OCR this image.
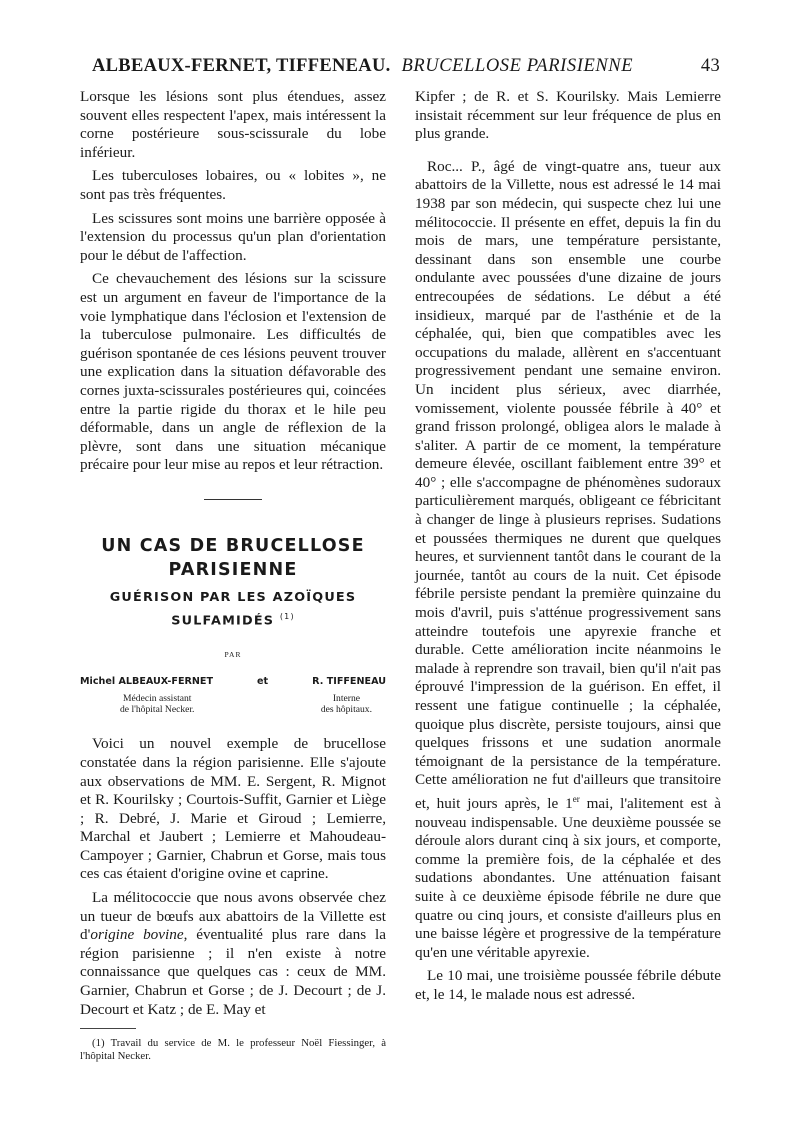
ALBEAUX-FERNET, TIFFENEAU. BRUCELLOSE PARISIENNE	43

Lorsque les lésions sont plus étendues, assez souvent elles respectent l'apex, mais intéressent la corne postérieure sous-scissurale du lobe inférieur.

Les tuberculoses lobaires, ou « lobites », ne sont pas très fréquentes.

Les scissures sont moins une barrière opposée à l'extension du processus qu'un plan d'orientation pour le début de l'affection.

Ce chevauchement des lésions sur la scissure est un argument en faveur de l'importance de la voie lymphatique dans l'éclosion et l'extension de la tuberculose pulmonaire. Les difficultés de guérison spontanée de ces lésions peuvent trouver une explication dans la situation défavorable des cornes juxta-scissurales postérieures qui, coincées entre la partie rigide du thorax et le hile peu déformable, dans un angle de réflexion de la plèvre, sont dans une situation mécanique précaire pour leur mise au repos et leur rétraction.

UN CAS DE BRUCELLOSE
PARISIENNE
GUÉRISON PAR LES AZOÏQUES
SULFAMIDÉS $^{(1)}$
PAR
Michel ALBEAUX-FERNET	et	R. TIFFENEAU
Médecin assistant
de l'hôpital Necker.
Interne
des hôpitaux.

Voici un nouvel exemple de brucellose constatée dans la région parisienne. Elle s'ajoute aux observations de MM. E. Sergent, R. Mignot et R. Kourilsky ; Courtois-Suffit, Garnier et Liège ; R. Debré, J. Marie et Giroud ; Lemierre, Marchal et Jaubert ; Lemierre et Mahoudeau-Campoyer ; Garnier, Chabrun et Gorse, mais tous ces cas étaient d'origine ovine et caprine.

La mélitococcie que nous avons observée chez un tueur de bœufs aux abattoirs de la Villette est d'origine bovine, éventualité plus rare dans la région parisienne ; il n'en existe à notre connaissance que quelques cas : ceux de MM. Garnier, Chabrun et Gorse ; de J. Decourt ; de J. Decourt et Katz ; de E. May et

(1) Travail du service de M. le professeur Noël Fiessinger, à l'hôpital Necker.

Kipfer ; de R. et S. Kourilsky. Mais Lemierre insistait récemment sur leur fréquence de plus en plus grande.

Roc... P., âgé de vingt-quatre ans, tueur aux abattoirs de la Villette, nous est adressé le 14 mai 1938 par son médecin, qui suspecte chez lui une mélitococcie. Il présente en effet, depuis la fin du mois de mars, une température persistante, dessinant dans son ensemble une courbe ondulante avec poussées d'une dizaine de jours entrecoupées de sédations. Le début a été insidieux, marqué par de l'asthénie et de la céphalée, qui, bien que compatibles avec les occupations du malade, allèrent en s'accentuant progressivement pendant une semaine environ. Un incident plus sérieux, avec diarrhée, vomissement, violente poussée fébrile à 40° et grand frisson prolongé, obligea alors le malade à s'aliter. A partir de ce moment, la température demeure élevée, oscillant faiblement entre 39° et 40° ; elle s'accompagne de phénomènes sudoraux particulièrement marqués, obligeant ce fébricitant à changer de linge à plusieurs reprises. Sudations et poussées thermiques ne durent que quelques heures, et surviennent tantôt dans le courant de la journée, tantôt au cours de la nuit. Cet épisode fébrile persiste pendant la première quinzaine du mois d'avril, puis s'atténue progressivement sans atteindre toutefois une apyrexie franche et durable. Cette amélioration incite néanmoins le malade à reprendre son travail, bien qu'il n'ait pas éprouvé l'impression de la guérison. En effet, il ressent une fatigue continuelle ; la céphalée, quoique plus discrète, persiste toujours, ainsi que quelques frissons et une sudation anormale témoignant de la persistance de la température. Cette amélioration ne fut d'ailleurs que transitoire et, huit jours après, le 1er mai, l'alitement est à nouveau indispensable. Une deuxième poussée se déroule alors durant cinq à six jours, et comporte, comme la première fois, de la céphalée et des sudations abondantes. Une atténuation faisant suite à ce deuxième épisode fébrile ne dure que quatre ou cinq jours, et consiste d'ailleurs plus en une baisse légère et progressive de la température qu'en une véritable apyrexie.

Le 10 mai, une troisième poussée fébrile débute et, le 14, le malade nous est adressé.
